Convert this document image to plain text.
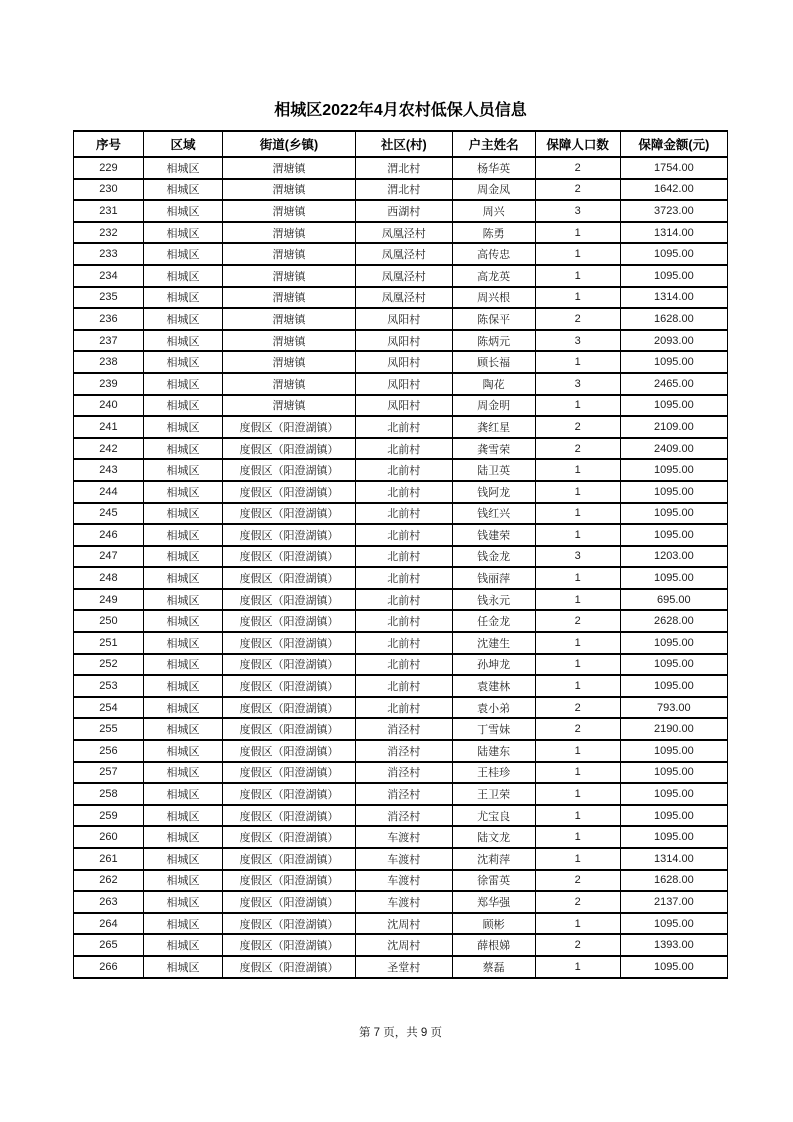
相城区2022年4月农村低保人员信息
序号	区域	街道(乡镇)	社区(村)	户主姓名	保障人口数	保障金额(元)
229	相城区	渭塘镇	渭北村	杨华英	2	1754.00
230	相城区	渭塘镇	渭北村	周金凤	2	1642.00
231	相城区	渭塘镇	西湖村	周兴	3	3723.00
232	相城区	渭塘镇	凤凰泾村	陈勇	1	1314.00
233	相城区	渭塘镇	凤凰泾村	高传忠	1	1095.00
234	相城区	渭塘镇	凤凰泾村	高龙英	1	1095.00
235	相城区	渭塘镇	凤凰泾村	周兴根	1	1314.00
236	相城区	渭塘镇	凤阳村	陈保平	2	1628.00
237	相城区	渭塘镇	凤阳村	陈炳元	3	2093.00
238	相城区	渭塘镇	凤阳村	顾长福	1	1095.00
239	相城区	渭塘镇	凤阳村	陶花	3	2465.00
240	相城区	渭塘镇	凤阳村	周金明	1	1095.00
241	相城区	度假区（阳澄湖镇）	北前村	龚红星	2	2109.00
242	相城区	度假区（阳澄湖镇）	北前村	龚雪荣	2	2409.00
243	相城区	度假区（阳澄湖镇）	北前村	陆卫英	1	1095.00
244	相城区	度假区（阳澄湖镇）	北前村	钱阿龙	1	1095.00
245	相城区	度假区（阳澄湖镇）	北前村	钱红兴	1	1095.00
246	相城区	度假区（阳澄湖镇）	北前村	钱建荣	1	1095.00
247	相城区	度假区（阳澄湖镇）	北前村	钱金龙	3	1203.00
248	相城区	度假区（阳澄湖镇）	北前村	钱丽萍	1	1095.00
249	相城区	度假区（阳澄湖镇）	北前村	钱永元	1	695.00
250	相城区	度假区（阳澄湖镇）	北前村	任金龙	2	2628.00
251	相城区	度假区（阳澄湖镇）	北前村	沈建生	1	1095.00
252	相城区	度假区（阳澄湖镇）	北前村	孙坤龙	1	1095.00
253	相城区	度假区（阳澄湖镇）	北前村	袁建林	1	1095.00
254	相城区	度假区（阳澄湖镇）	北前村	袁小弟	2	793.00
255	相城区	度假区（阳澄湖镇）	消泾村	丁雪妹	2	2190.00
256	相城区	度假区（阳澄湖镇）	消泾村	陆建东	1	1095.00
257	相城区	度假区（阳澄湖镇）	消泾村	王桂珍	1	1095.00
258	相城区	度假区（阳澄湖镇）	消泾村	王卫荣	1	1095.00
259	相城区	度假区（阳澄湖镇）	消泾村	尤宝良	1	1095.00
260	相城区	度假区（阳澄湖镇）	车渡村	陆文龙	1	1095.00
261	相城区	度假区（阳澄湖镇）	车渡村	沈莉萍	1	1314.00
262	相城区	度假区（阳澄湖镇）	车渡村	徐雷英	2	1628.00
263	相城区	度假区（阳澄湖镇）	车渡村	郑华强	2	2137.00
264	相城区	度假区（阳澄湖镇）	沈周村	顾彬	1	1095.00
265	相城区	度假区（阳澄湖镇）	沈周村	薛根娣	2	1393.00
266	相城区	度假区（阳澄湖镇）	圣堂村	蔡磊	1	1095.00
第 7 页，共 9 页
